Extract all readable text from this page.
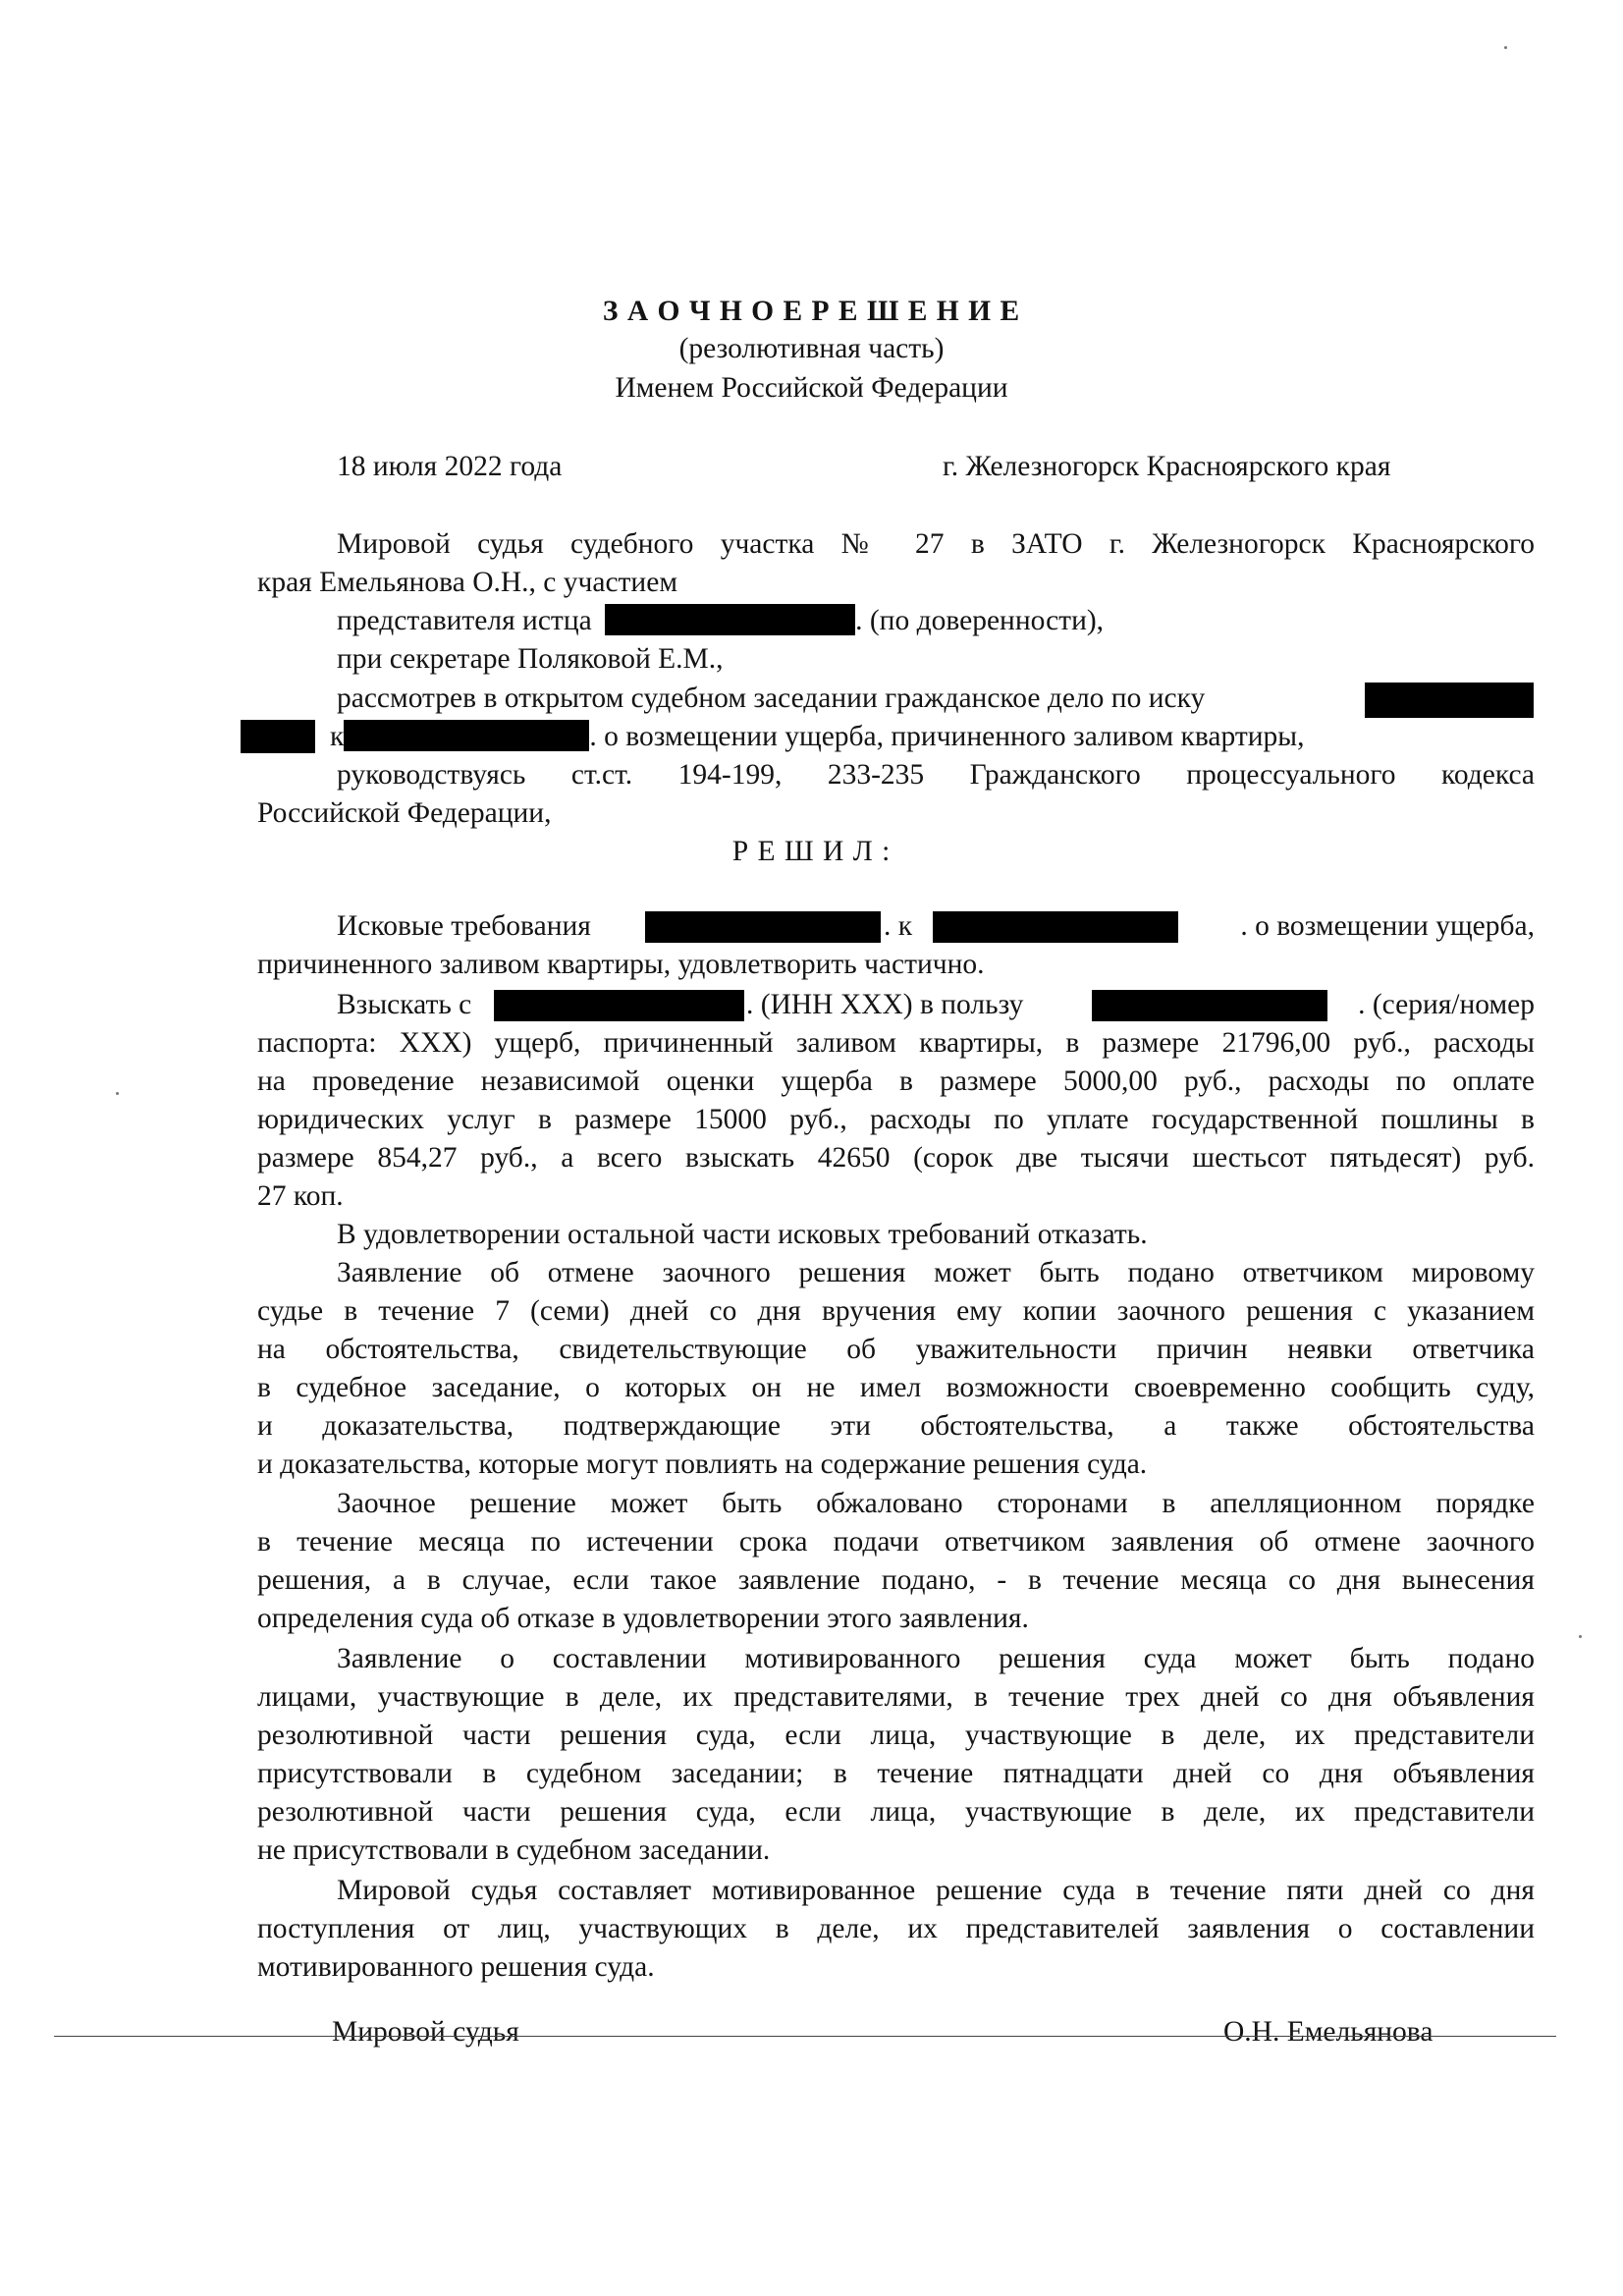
З А О Ч Н О Е Р Е Ш Е Н И Е
(резолютивная часть)
Именем Российской Федерации
18 июля 2022 года	г. Железногорск Красноярского края
Мировой судья судебного участка № 27 в ЗАТО г. Железногорск Красноярского
края Емельянова О.Н., с участием
представителя истца	. (по доверенности),
при секретаре Поляковой Е.М.,
рассмотрев в открытом судебном заседании гражданское дело по иску
к	. о возмещении ущерба, причиненного заливом квартиры,
руководствуясь ст.ст. 194-199, 233-235 Гражданского процессуального кодекса
Российской Федерации,
Р Е Ш И Л :
Исковые требования	. к	. о возмещении ущерба,
причиненного заливом квартиры, удовлетворить частично.
Взыскать с	. (ИНН XXX) в пользу	. (серия/номер
паспорта: XXX) ущерб, причиненный заливом квартиры, в размере 21796,00 руб., расходы
на проведение независимой оценки ущерба в размере 5000,00 руб., расходы по оплате
юридических услуг в размере 15000 руб., расходы по уплате государственной пошлины в
размере 854,27 руб., а всего взыскать 42650 (сорок две тысячи шестьсот пятьдесят) руб.
27 коп.
В удовлетворении остальной части исковых требований отказать.
Заявление об отмене заочного решения может быть подано ответчиком мировому
судье в течение 7 (семи) дней со дня вручения ему копии заочного решения с указанием
на обстоятельства, свидетельствующие об уважительности причин неявки ответчика
в судебное заседание, о которых он не имел возможности своевременно сообщить суду,
и доказательства, подтверждающие эти обстоятельства, а также обстоятельства
и доказательства, которые могут повлиять на содержание решения суда.
Заочное решение может быть обжаловано сторонами в апелляционном порядке
в течение месяца по истечении срока подачи ответчиком заявления об отмене заочного
решения, а в случае, если такое заявление подано, - в течение месяца со дня вынесения
определения суда об отказе в удовлетворении этого заявления.
Заявление о составлении мотивированного решения суда может быть подано
лицами, участвующие в деле, их представителями, в течение трех дней со дня объявления
резолютивной части решения суда, если лица, участвующие в деле, их представители
присутствовали в судебном заседании; в течение пятнадцати дней со дня объявления
резолютивной части решения суда, если лица, участвующие в деле, их представители
не присутствовали в судебном заседании.
Мировой судья составляет мотивированное решение суда в течение пяти дней со дня
поступления от лиц, участвующих в деле, их представителей заявления о составлении
мотивированного решения суда.
Мировой судья	О.Н. Емельянова
